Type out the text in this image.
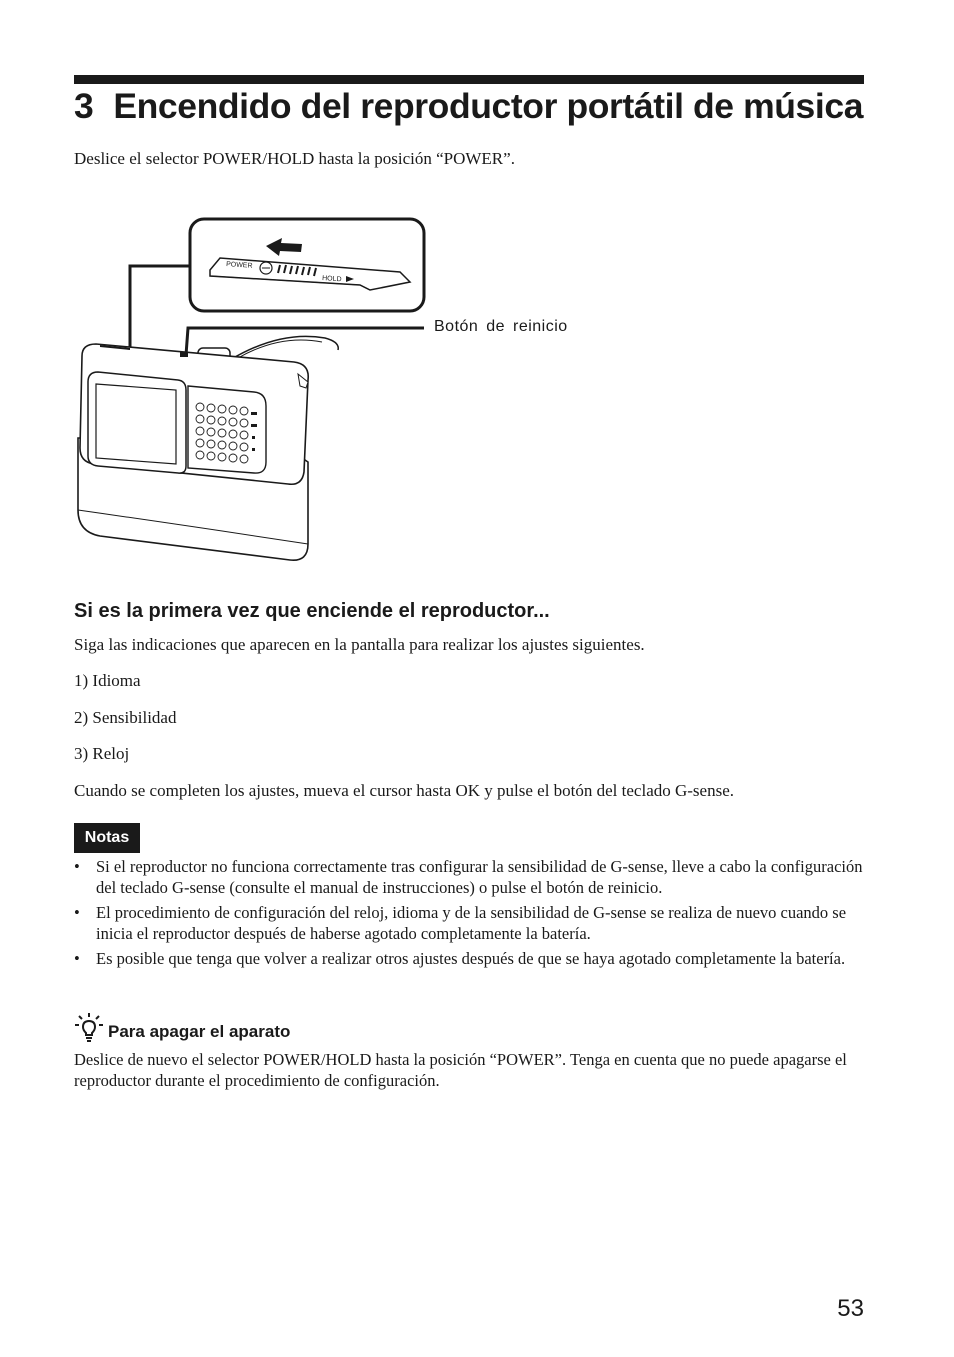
3 Encendido del reproductor portátil de música

Deslice el selector POWER/HOLD hasta la posición “POWER”.

POWER
HOLD
Botón de reinicio
Si es la primera vez que enciende el reproductor...

Siga las indicaciones que aparecen en la pantalla para realizar los ajustes siguientes.

1) Idioma

2) Sensibilidad

3) Reloj

Cuando se completen los ajustes, mueva el cursor hasta OK y pulse el botón del teclado G-sense.

Notas
• Si el reproductor no funciona correctamente tras configurar la sensibilidad de G-sense, lleve a cabo la configuración del teclado G-sense (consulte el manual de instrucciones) o pulse el botón de reinicio.
• El procedimiento de configuración del reloj, idioma y de la sensibilidad de G-sense se realiza de nuevo cuando se inicia el reproductor después de haberse agotado completamente la batería.
• Es posible que tenga que volver a realizar otros ajustes después de que se haya agotado completamente la batería.
Para apagar el aparato

Deslice de nuevo el selector POWER/HOLD hasta la posición “POWER”. Tenga en cuenta que no puede apagarse el reproductor durante el procedimiento de configuración.

53
